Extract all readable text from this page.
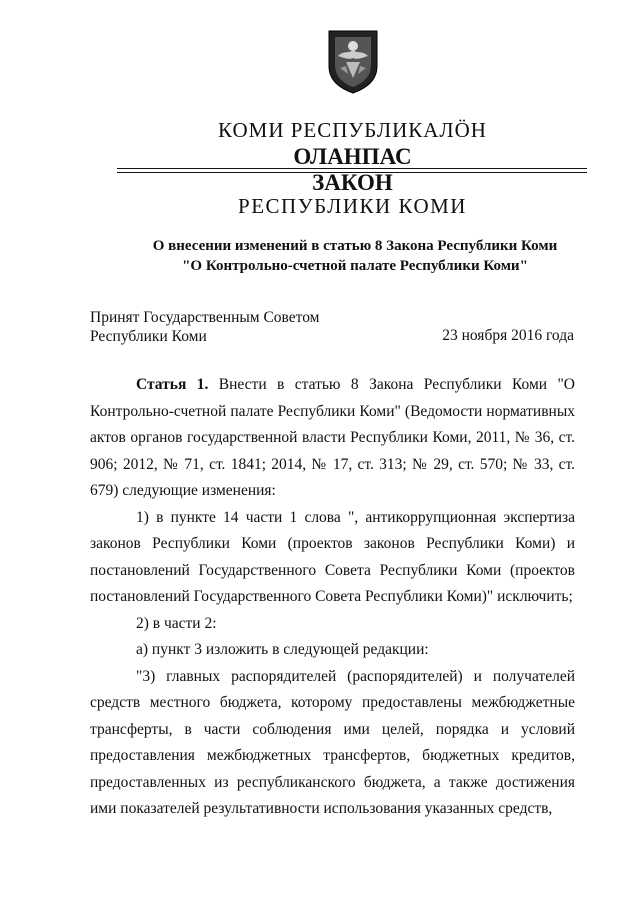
КОМИ РЕСПУБЛИКАЛÖН
ОЛАНПАС
ЗАКОН
РЕСПУБЛИКИ КОМИ
О внесении изменений в статью 8 Закона Республики Коми
"О Контрольно-счетной палате Республики Коми"
Принят Государственным Советом
Республики Коми	23 ноября 2016 года

Статья 1. Внести в статью 8 Закона Республики Коми "О Контрольно-счетной палате Республики Коми" (Ведомости нормативных актов органов государственной власти Республики Коми, 2011, № 36, ст. 906; 2012, № 71, ст. 1841; 2014, № 17, ст. 313; № 29, ст. 570; № 33, ст. 679) следующие изменения:

1) в пункте 14 части 1 слова ", антикоррупционная экспертиза законов Республики Коми (проектов законов Республики Коми) и постановлений Государственного Совета Республики Коми (проектов постановлений Государственного Совета Республики Коми)" исключить;

2) в части 2:

а) пункт 3 изложить в следующей редакции:

"3) главных распорядителей (распорядителей) и получателей средств местного бюджета, которому предоставлены межбюджетные трансферты, в части соблюдения ими целей, порядка и условий предоставления межбюджетных трансфертов, бюджетных кредитов, предоставленных из республиканского бюджета, а также достижения ими показателей результативности использования указанных средств,
